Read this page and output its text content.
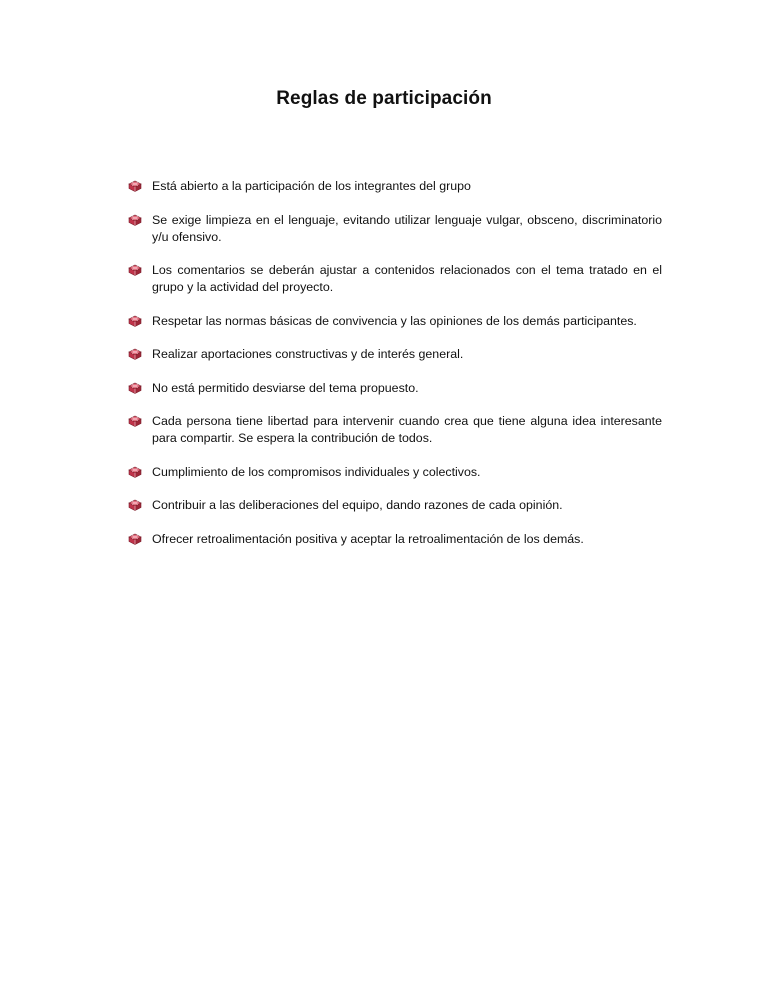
Reglas de participación
Está abierto a la participación de los integrantes del grupo
Se exige limpieza en el lenguaje, evitando utilizar lenguaje vulgar, obsceno, discriminatorio y/u ofensivo.
Los comentarios se deberán ajustar a contenidos relacionados con el tema tratado en el grupo y la actividad del proyecto.
Respetar las normas básicas de convivencia y las opiniones de los demás participantes.
Realizar aportaciones constructivas y de interés general.
No está permitido desviarse del tema propuesto.
Cada persona tiene libertad para intervenir cuando crea que tiene alguna idea interesante para compartir. Se espera la contribución de todos.
Cumplimiento de los compromisos individuales y colectivos.
Contribuir a las deliberaciones del equipo, dando razones de cada opinión.
Ofrecer retroalimentación positiva y aceptar la retroalimentación de los demás.
